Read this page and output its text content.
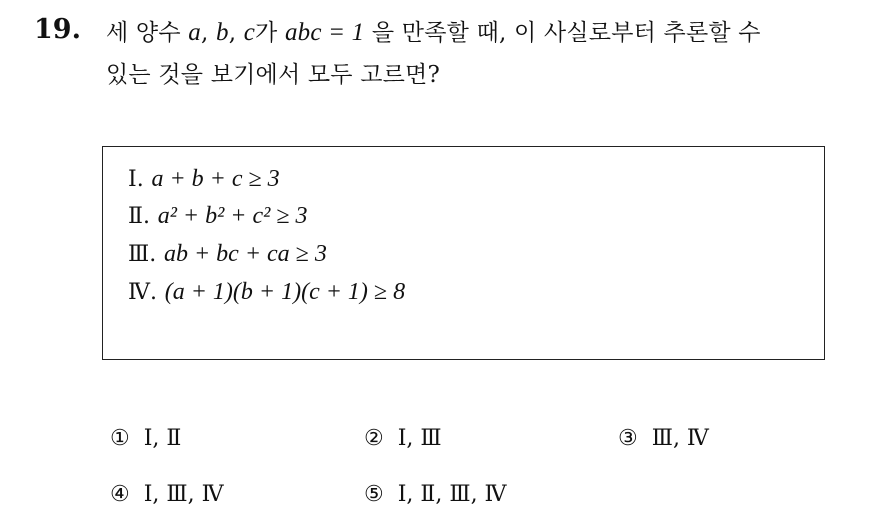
19. 세 양수 a, b, c가 abc = 1 을 만족할 때, 이 사실로부터 추론할 수
있는 것을 보기에서 모두 고르면?
Ⅰ. a + b + c ≥ 3
Ⅱ. a² + b² + c² ≥ 3
Ⅲ. ab + bc + ca ≥ 3
Ⅳ. (a + 1)(b + 1)(c + 1) ≥ 8
① Ⅰ, Ⅱ	② Ⅰ, Ⅲ	③ Ⅲ, Ⅳ
④ Ⅰ, Ⅲ, Ⅳ	⑤ Ⅰ, Ⅱ, Ⅲ, Ⅳ
